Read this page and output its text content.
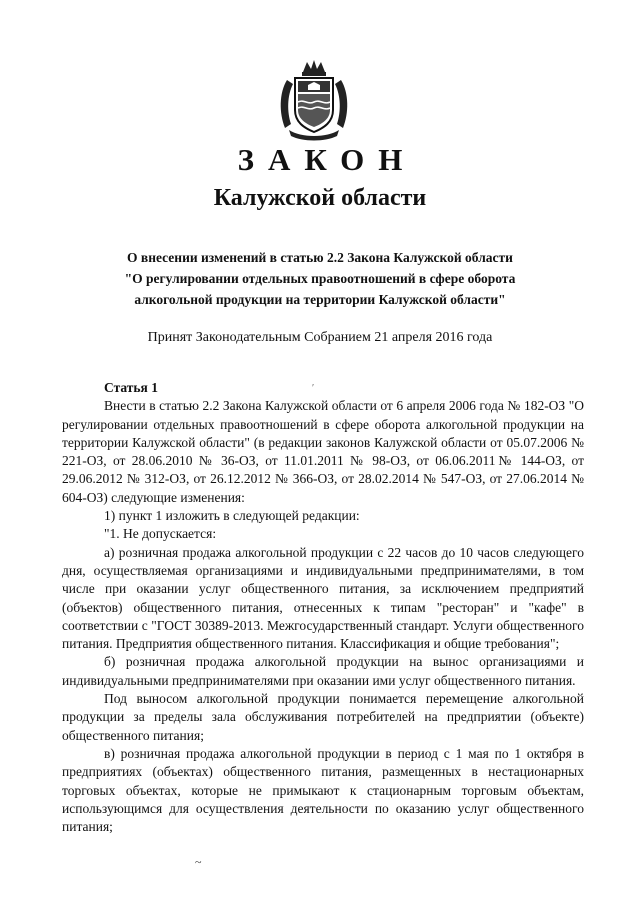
ЗАКОН
Калужской области
О внесении изменений в статью 2.2 Закона Калужской области
"О регулировании отдельных правоотношений в сфере оборота
алкогольной продукции на территории Калужской области"
Принят Законодательным Собранием 21 апреля 2016 года
ʹ
Статья 1

Внести в статью 2.2 Закона Калужской области от 6 апреля 2006 года № 182-ОЗ "О регулировании отдельных правоотношений в сфере оборота алкогольной продукции на территории Калужской области" (в редакции законов Калужской области от 05.07.2006 № 221-ОЗ, от 28.06.2010 № 36-ОЗ, от 11.01.2011 № 98-ОЗ, от 06.06.2011№ 144-ОЗ, от 29.06.2012 № 312-ОЗ, от 26.12.2012 № 366-ОЗ, от 28.02.2014 № 547-ОЗ, от 27.06.2014 № 604-ОЗ) следующие изменения:

1) пункт 1 изложить в следующей редакции:

"1. Не допускается:

а) розничная продажа алкогольной продукции с 22 часов до 10 часов следующего дня, осуществляемая организациями и индивидуальными предпринимателями, в том числе при оказании услуг общественного питания, за исключением предприятий (объектов) общественного питания, отнесенных к типам "ресторан" и "кафе" в соответствии с "ГОСТ 30389-2013. Межгосударственный стандарт. Услуги общественного питания. Предприятия общественного питания. Классификация и общие требования";

б) розничная продажа алкогольной продукции на вынос организациями и индивидуальными предпринимателями при оказании ими услуг общественного питания.

Под выносом алкогольной продукции понимается перемещение алкогольной продукции за пределы зала обслуживания потребителей на предприятии (объекте) общественного питания;

в) розничная продажа алкогольной продукции в период с 1 мая по 1 октября в предприятиях (объектах) общественного питания, размещенных в нестационарных торговых объектах, которые не примыкают к стационарным торговым объектам, использующимся для осуществления деятельности по оказанию услуг общественного питания;

~
